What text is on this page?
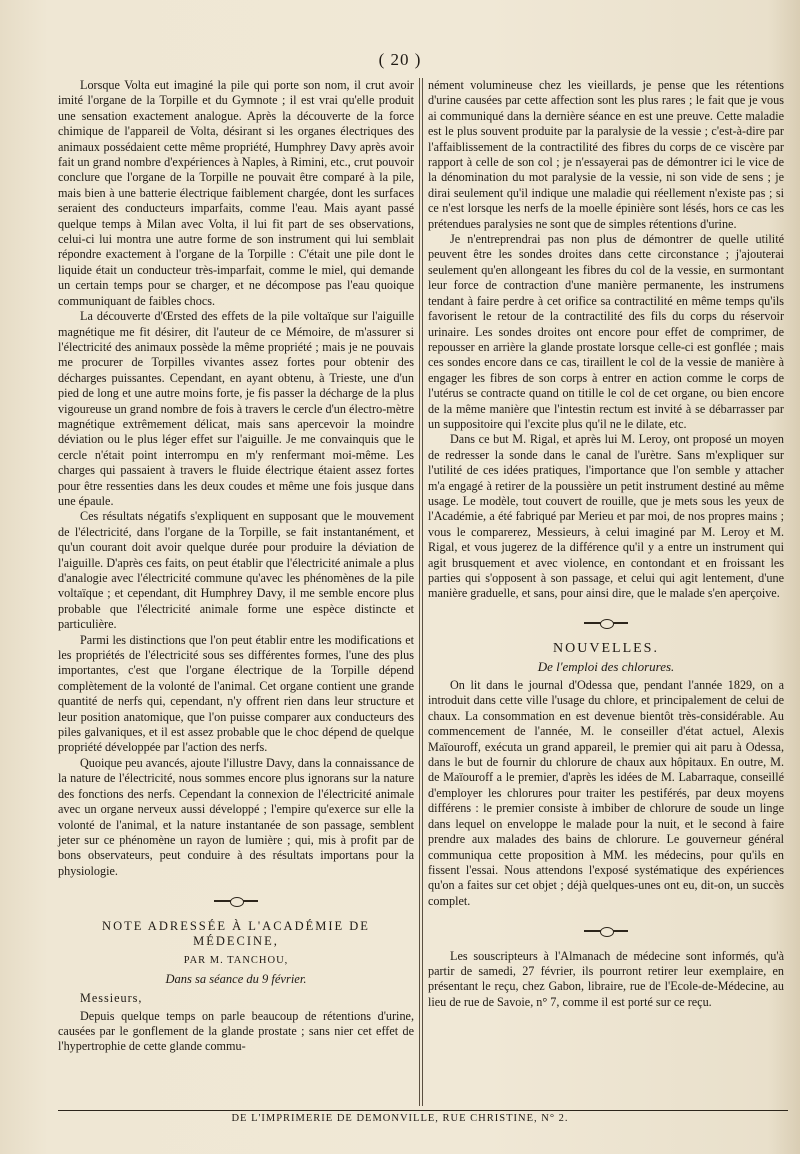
( 20 )

Lorsque Volta eut imaginé la pile qui porte son nom, il crut avoir imité l'organe de la Torpille et du Gymnote ; il est vrai qu'elle produit une sensation exactement analogue. Après la découverte de la force chimique de l'appareil de Volta, désirant si les organes électriques des animaux possédaient cette même propriété, Humphrey Davy après avoir fait un grand nombre d'expériences à Naples, à Rimini, etc., crut pouvoir conclure que l'organe de la Torpille ne pouvait être comparé à la pile, mais bien à une batterie électrique faiblement chargée, dont les surfaces seraient des conducteurs imparfaits, comme l'eau. Mais ayant passé quelque temps à Milan avec Volta, il lui fit part de ses observations, celui-ci lui montra une autre forme de son instrument qui lui semblait répondre exactement à l'organe de la Torpille : C'était une pile dont le liquide était un conducteur très-imparfait, comme le miel, qui demande un certain temps pour se charger, et ne décompose pas l'eau quoique communiquant de faibles chocs.

La découverte d'Œrsted des effets de la pile voltaïque sur l'aiguille magnétique me fit désirer, dit l'auteur de ce Mémoire, de m'assurer si l'électricité des animaux possède la même propriété ; mais je ne pouvais me procurer de Torpilles vivantes assez fortes pour obtenir des décharges puissantes. Cependant, en ayant obtenu, à Trieste, une d'un pied de long et une autre moins forte, je fis passer la décharge de la plus vigoureuse un grand nombre de fois à travers le cercle d'un électro-mètre magnétique extrêmement délicat, mais sans apercevoir la moindre déviation ou le plus léger effet sur l'aiguille. Je me convainquis que le cercle n'était point interrompu en m'y renfermant moi-même. Les charges qui passaient à travers le fluide électrique étaient assez fortes pour être ressenties dans les deux coudes et même une fois jusque dans une épaule.

Ces résultats négatifs s'expliquent en supposant que le mouvement de l'électricité, dans l'organe de la Torpille, se fait instantanément, et qu'un courant doit avoir quelque durée pour produire la déviation de l'aiguille. D'après ces faits, on peut établir que l'électricité animale a plus d'analogie avec l'électricité commune qu'avec les phénomènes de la pile voltaïque ; et cependant, dit Humphrey Davy, il me semble encore plus probable que l'électricité animale forme une espèce distincte et particulière.

Parmi les distinctions que l'on peut établir entre les modifications et les propriétés de l'électricité sous ses différentes formes, l'une des plus importantes, c'est que l'organe électrique de la Torpille dépend complètement de la volonté de l'animal. Cet organe contient une grande quantité de nerfs qui, cependant, n'y offrent rien dans leur structure et leur position anatomique, que l'on puisse comparer aux conducteurs des piles galvaniques, et il est assez probable que le choc dépend de quelque propriété développée par l'action des nerfs.

Quoique peu avancés, ajoute l'illustre Davy, dans la connaissance de la nature de l'électricité, nous sommes encore plus ignorans sur la nature des fonctions des nerfs. Cependant la connexion de l'électricité animale avec un organe nerveux aussi développé ; l'empire qu'exerce sur elle la volonté de l'animal, et la nature instantanée de son passage, semblent jeter sur ce phénomène un rayon de lumière ; qui, mis à profit par de bons observateurs, peut conduire à des résultats importans pour la physiologie.

NOTE ADRESSÉE À L'ACADÉMIE DE MÉDECINE,
PAR M. TANCHOU,
Dans sa séance du 9 février.

Messieurs,

Depuis quelque temps on parle beaucoup de rétentions d'urine, causées par le gonflement de la glande prostate ; sans nier cet effet de l'hypertrophie de cette glande commu-

nément volumineuse chez les vieillards, je pense que les rétentions d'urine causées par cette affection sont les plus rares ; le fait que je vous ai communiqué dans la dernière séance en est une preuve. Cette maladie est le plus souvent produite par la paralysie de la vessie ; c'est-à-dire par l'affaiblissement de la contractilité des fibres du corps de ce viscère par rapport à celle de son col ; je n'essayerai pas de démontrer ici le vice de la dénomination du mot paralysie de la vessie, ni son vide de sens ; je dirai seulement qu'il indique une maladie qui réellement n'existe pas ; si ce n'est lorsque les nerfs de la moelle épinière sont lésés, hors ce cas les prétendues paralysies ne sont que de simples rétentions d'urine.

Je n'entreprendrai pas non plus de démontrer de quelle utilité peuvent être les sondes droites dans cette circonstance ; j'ajouterai seulement qu'en allongeant les fibres du col de la vessie, en surmontant leur force de contraction d'une manière permanente, les instrumens tendant à faire perdre à cet orifice sa contractilité en même temps qu'ils favorisent le retour de la contractilité des fils du corps du réservoir urinaire. Les sondes droites ont encore pour effet de comprimer, de repousser en arrière la glande prostate lorsque celle-ci est gonflée ; mais ces sondes encore dans ce cas, tiraillent le col de la vessie de manière à engager les fibres de son corps à entrer en action comme le corps de l'utérus se contracte quand on titille le col de cet organe, ou bien encore de la même manière que l'intestin rectum est invité à se débarrasser par un suppositoire qui l'excite plus qu'il ne le dilate, etc.

Dans ce but M. Rigal, et après lui M. Leroy, ont proposé un moyen de redresser la sonde dans le canal de l'urètre. Sans m'expliquer sur l'utilité de ces idées pratiques, l'importance que l'on semble y attacher m'a engagé à retirer de la poussière un petit instrument destiné au même usage. Le modèle, tout couvert de rouille, que je mets sous les yeux de l'Académie, a été fabriqué par Merieu et par moi, de nos propres mains ; vous le comparerez, Messieurs, à celui imaginé par M. Leroy et M. Rigal, et vous jugerez de la différence qu'il y a entre un instrument qui agit brusquement et avec violence, en contondant et en froissant les parties qui s'opposent à son passage, et celui qui agit lentement, d'une manière graduelle, et sans, pour ainsi dire, que le malade s'en aperçoive.

NOUVELLES.
De l'emploi des chlorures.

On lit dans le journal d'Odessa que, pendant l'année 1829, on a introduit dans cette ville l'usage du chlore, et principalement de celui de chaux. La consommation en est devenue bientôt très-considérable. Au commencement de l'année, M. le conseiller d'état actuel, Alexis Maïouroff, exécuta un grand appareil, le premier qui ait paru à Odessa, dans le but de fournir du chlorure de chaux aux hôpitaux. En outre, M. de Maïouroff a le premier, d'après les idées de M. Labarraque, conseillé d'employer les chlorures pour traiter les pestiférés, par deux moyens différens : le premier consiste à imbiber de chlorure de soude un linge dans lequel on enveloppe le malade pour la nuit, et le second à faire prendre aux malades des bains de chlorure. Le gouverneur général communiqua cette proposition à MM. les médecins, pour qu'ils en fissent l'essai. Nous attendons l'exposé systématique des expériences qu'on a faites sur cet objet ; déjà quelques-unes ont eu, dit-on, un succès complet.

Les souscripteurs à l'Almanach de médecine sont informés, qu'à partir de samedi, 27 février, ils pourront retirer leur exemplaire, en présentant le reçu, chez Gabon, libraire, rue de l'Ecole-de-Médecine, au lieu de rue de Savoie, n° 7, comme il est porté sur ce reçu.

DE L'IMPRIMERIE DE DEMONVILLE, RUE CHRISTINE, N° 2.
